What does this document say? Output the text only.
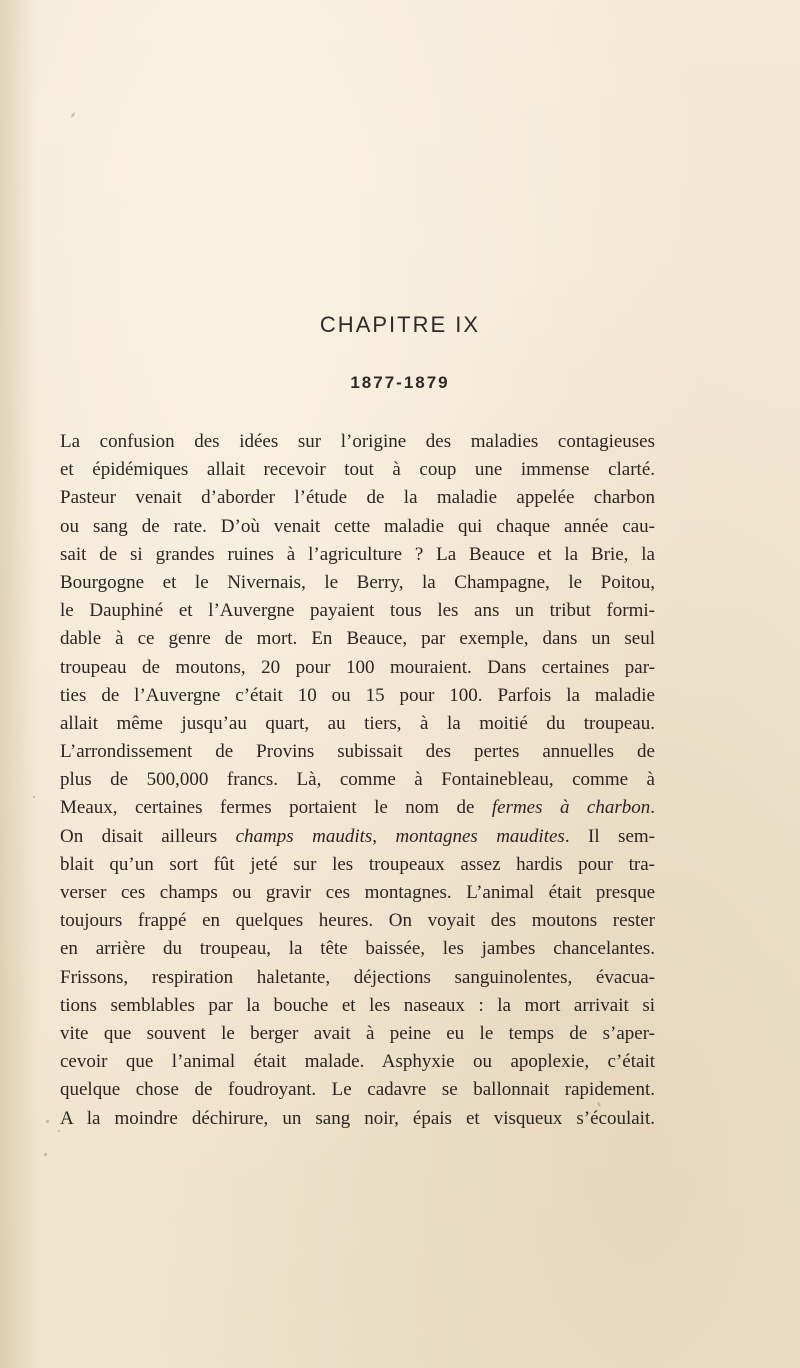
CHAPITRE IX
1877-1879
La confusion des idées sur l’origine des maladies contagieuses
et épidémiques allait recevoir tout à coup une immense clarté.
Pasteur venait d’aborder l’étude de la maladie appelée charbon
ou sang de rate. D’où venait cette maladie qui chaque année cau-
sait de si grandes ruines à l’agriculture ? La Beauce et la Brie, la
Bourgogne et le Nivernais, le Berry, la Champagne, le Poitou,
le Dauphiné et l’Auvergne payaient tous les ans un tribut formi-
dable à ce genre de mort. En Beauce, par exemple, dans un seul
troupeau de moutons, 20 pour 100 mouraient. Dans certaines par-
ties de l’Auvergne c’était 10 ou 15 pour 100. Parfois la maladie
allait même jusqu’au quart, au tiers, à la moitié du troupeau.
L’arrondissement de Provins subissait des pertes annuelles de
plus de 500,000 francs. Là, comme à Fontainebleau, comme à
Meaux, certaines fermes portaient le nom de fermes à charbon.
On disait ailleurs champs maudits, montagnes maudites. Il sem-
blait qu’un sort fût jeté sur les troupeaux assez hardis pour tra-
verser ces champs ou gravir ces montagnes. L’animal était presque
toujours frappé en quelques heures. On voyait des moutons rester
en arrière du troupeau, la tête baissée, les jambes chancelantes.
Frissons, respiration haletante, déjections sanguinolentes, évacua-
tions semblables par la bouche et les naseaux : la mort arrivait si
vite que souvent le berger avait à peine eu le temps de s’aper-
cevoir que l’animal était malade. Asphyxie ou apoplexie, c’était
quelque chose de foudroyant. Le cadavre se ballonnait rapidement.
A la moindre déchirure, un sang noir, épais et visqueux s’écoulait.
